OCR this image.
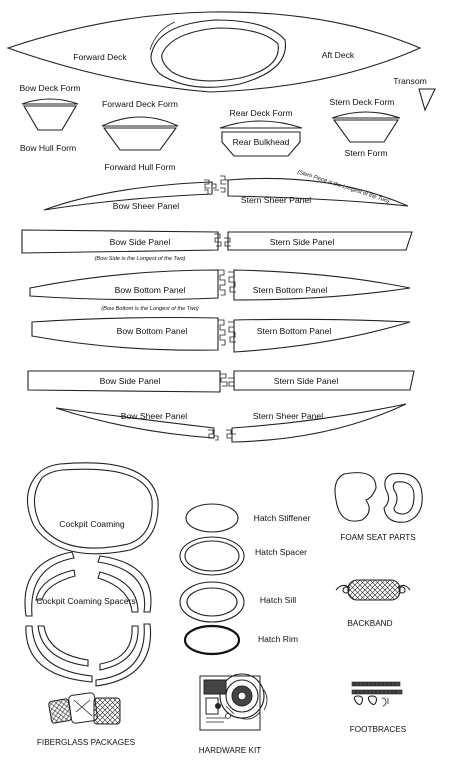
Forward Deck	Aft Deck
Transom
Bow Deck Form
Bow Hull Form
Forward Deck Form
Forward Hull Form
Rear Deck Form
Rear Bulkhead
Stern Deck Form
Stern Form
Bow Sheer Panel
Stern Sheer Panel
(Stern Piece is the Longest of the Two)
Bow Side Panel	Stern Side Panel
(Bow Side is the Longest of the Two)
Bow Bottom Panel	Stern Bottom Panel
(Bow Bottom is the Longest of the Two)
Bow Bottom Panel	Stern Bottom Panel
Bow Side Panel	Stern Side Panel
Bow Sheer Panel	Stern Sheer Panel
Cockpit Coaming
Cockpit Coaming Spacers
Hatch Stiffener
Hatch Spacer
Hatch Sill
Hatch Rim
FOAM SEAT PARTS
BACKBAND
FIBERGLASS PACKAGES
HARDWARE KIT
FOOTBRACES
